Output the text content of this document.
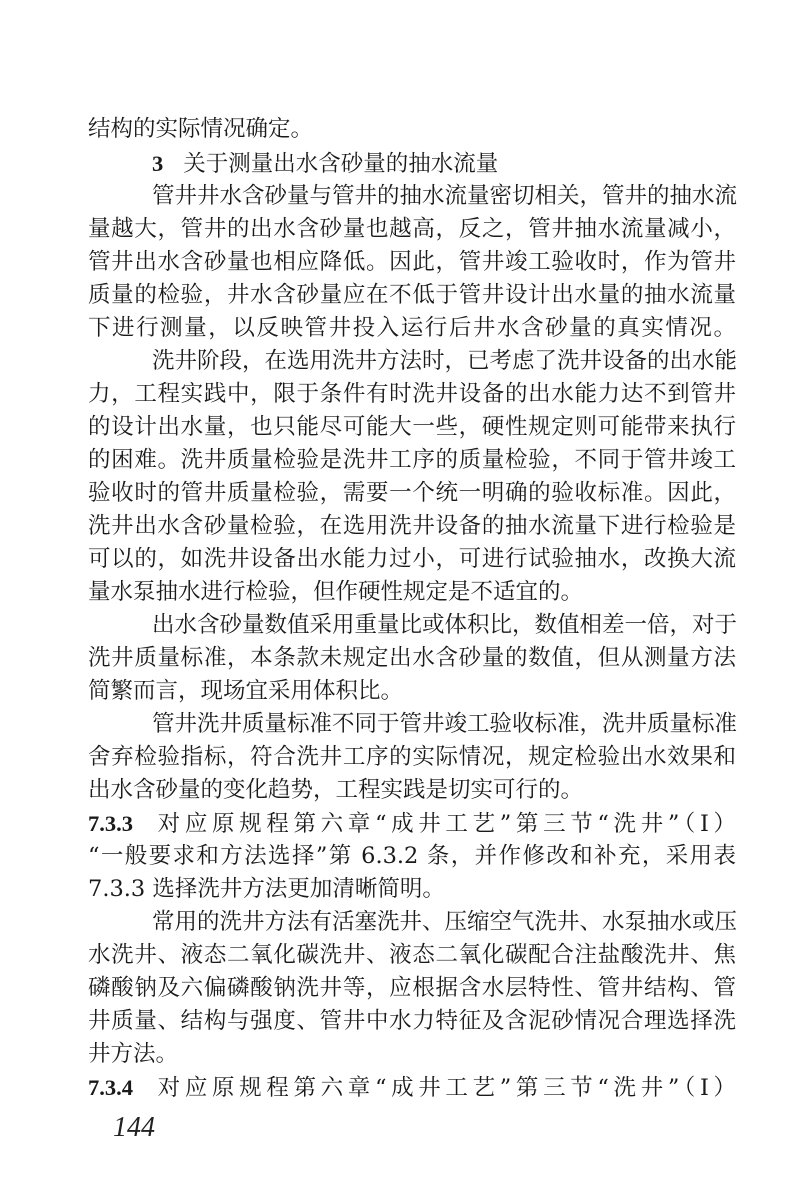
结构的实际情况确定。
3 关于测量出水含砂量的抽水流量
管井井水含砂量与管井的抽水流量密切相关，管井的抽水流
量越大，管井的出水含砂量也越高，反之，管井抽水流量减小，
管井出水含砂量也相应降低。因此，管井竣工验收时，作为管井
质量的检验，井水含砂量应在不低于管井设计出水量的抽水流量
下进行测量，以反映管井投入运行后井水含砂量的真实情况。
洗井阶段，在选用洗井方法时，已考虑了洗井设备的出水能
力，工程实践中，限于条件有时洗井设备的出水能力达不到管井
的设计出水量，也只能尽可能大一些，硬性规定则可能带来执行
的困难。洗井质量检验是洗井工序的质量检验，不同于管井竣工
验收时的管井质量检验，需要一个统一明确的验收标准。因此，
洗井出水含砂量检验，在选用洗井设备的抽水流量下进行检验是
可以的，如洗井设备出水能力过小，可进行试验抽水，改换大流
量水泵抽水进行检验，但作硬性规定是不适宜的。
出水含砂量数值采用重量比或体积比，数值相差一倍，对于
洗井质量标准，本条款未规定出水含砂量的数值，但从测量方法
简繁而言，现场宜采用体积比。
管井洗井质量标准不同于管井竣工验收标准，洗井质量标准
舍弃检验指标，符合洗井工序的实际情况，规定检验出水效果和
出水含砂量的变化趋势，工程实践是切实可行的。
7.3.3 对应原规程第六章“成井工艺”第三节“洗井”（Ⅰ）
“一般要求和方法选择”第 6.3.2 条，并作修改和补充，采用表
7.3.3 选择洗井方法更加清晰简明。
常用的洗井方法有活塞洗井、压缩空气洗井、水泵抽水或压
水洗井、液态二氧化碳洗井、液态二氧化碳配合注盐酸洗井、焦
磷酸钠及六偏磷酸钠洗井等，应根据含水层特性、管井结构、管
井质量、结构与强度、管井中水力特征及含泥砂情况合理选择洗
井方法。
7.3.4 对应原规程第六章“成井工艺”第三节“洗井”（Ⅰ）
144
